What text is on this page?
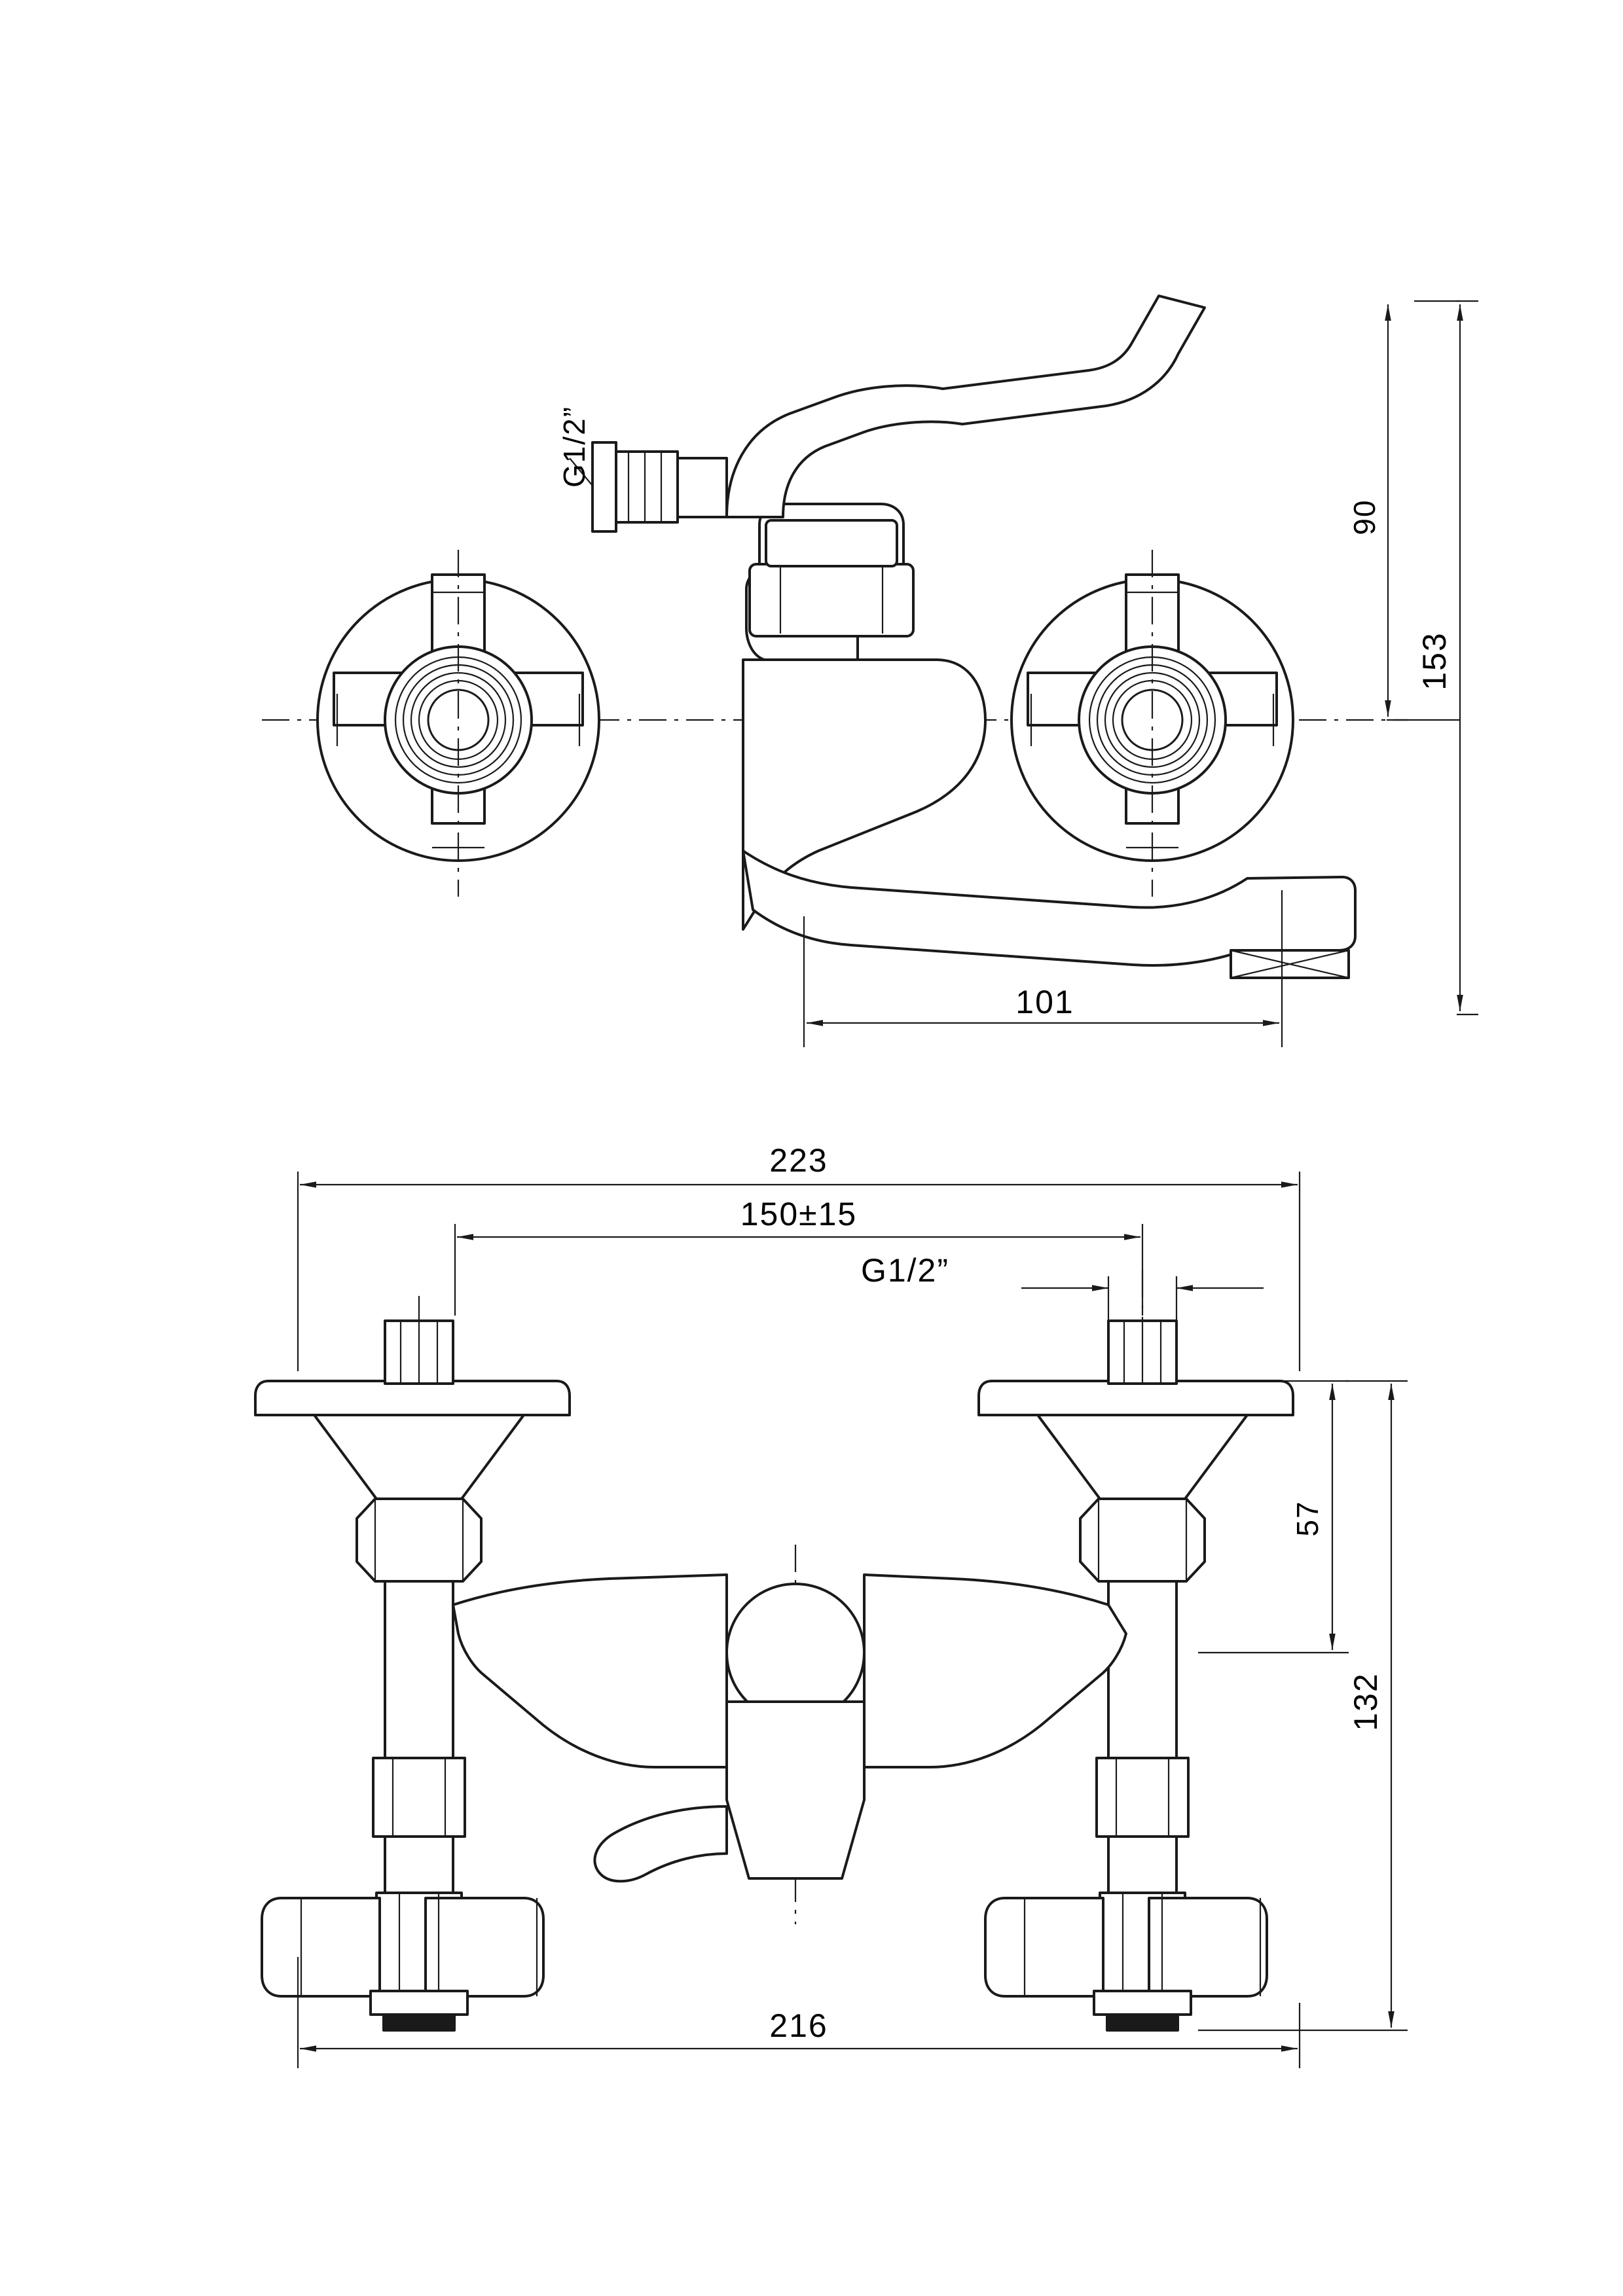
G1/2”
90
153
101
223
150±15
G1/2”
57
132
216
